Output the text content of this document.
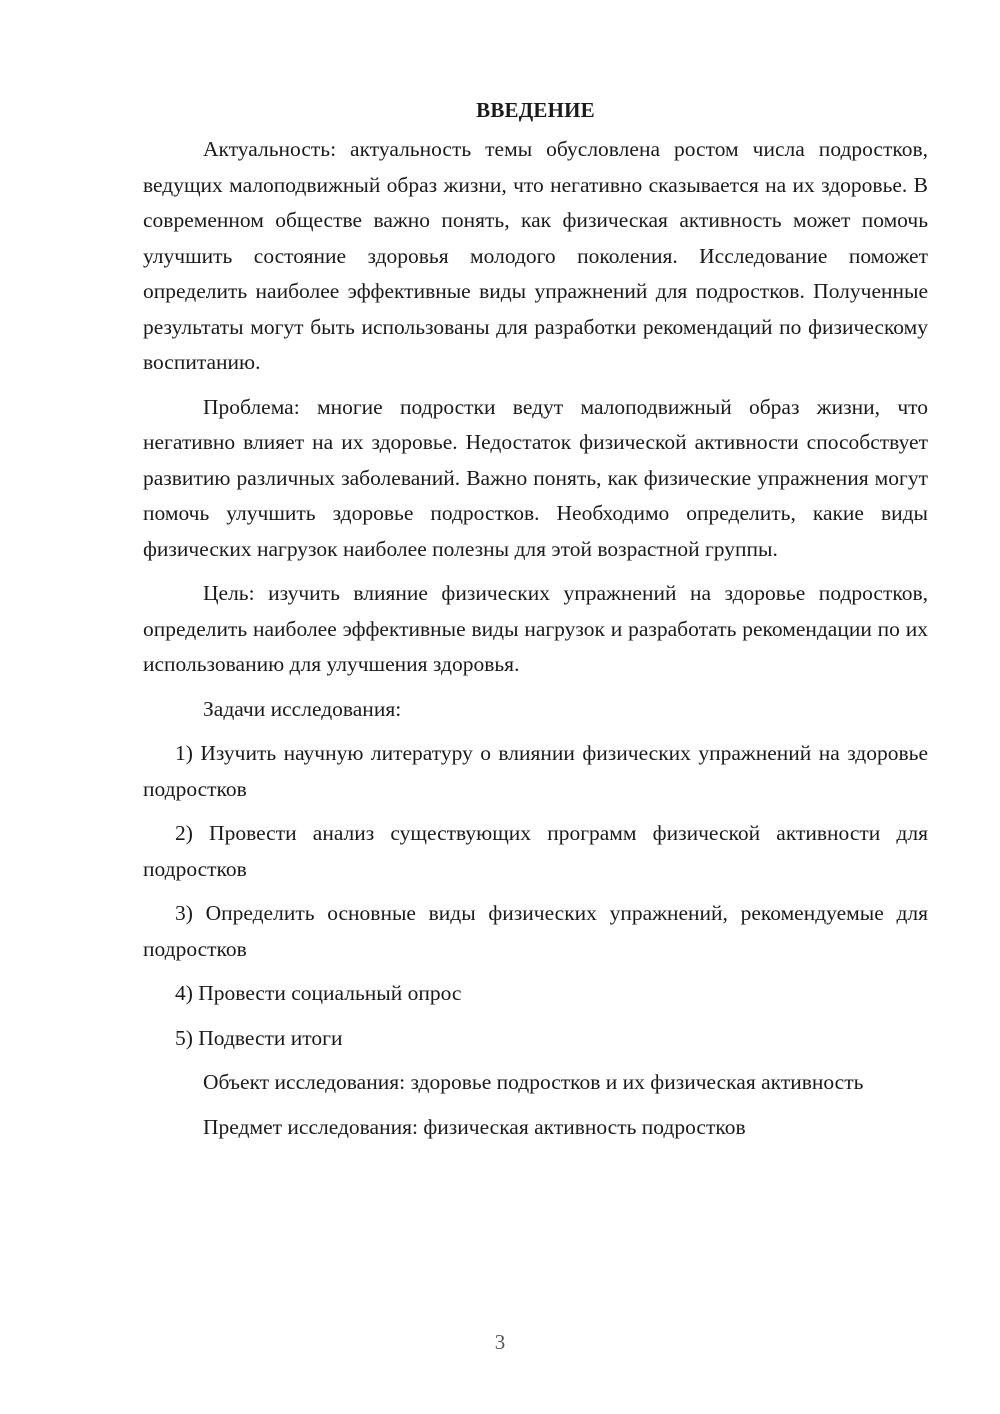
ВВЕДЕНИЕ

Актуальность: актуальность темы обусловлена ростом числа подростков, ведущих малоподвижный образ жизни, что негативно сказывается на их здоровье. В современном обществе важно понять, как физическая активность может помочь улучшить состояние здоровья молодого поколения. Исследование поможет определить наиболее эффективные виды упражнений для подростков. Полученные результаты могут быть использованы для разработки рекомендаций по физическому воспитанию.

Проблема: многие подростки ведут малоподвижный образ жизни, что негативно влияет на их здоровье. Недостаток физической активности способствует развитию различных заболеваний. Важно понять, как физические упражнения могут помочь улучшить здоровье подростков. Необходимо определить, какие виды физических нагрузок наиболее полезны для этой возрастной группы.

Цель: изучить влияние физических упражнений на здоровье подростков, определить наиболее эффективные виды нагрузок и разработать рекомендации по их использованию для улучшения здоровья.

Задачи исследования:

1) Изучить научную литературу о влиянии физических упражнений на здоровье подростков

2) Провести анализ существующих программ физической активности для подростков

3) Определить основные виды физических упражнений, рекомендуемые для подростков

4) Провести социальный опрос

5) Подвести итоги

Объект исследования: здоровье подростков и их физическая активность

Предмет исследования: физическая активность подростков

3
